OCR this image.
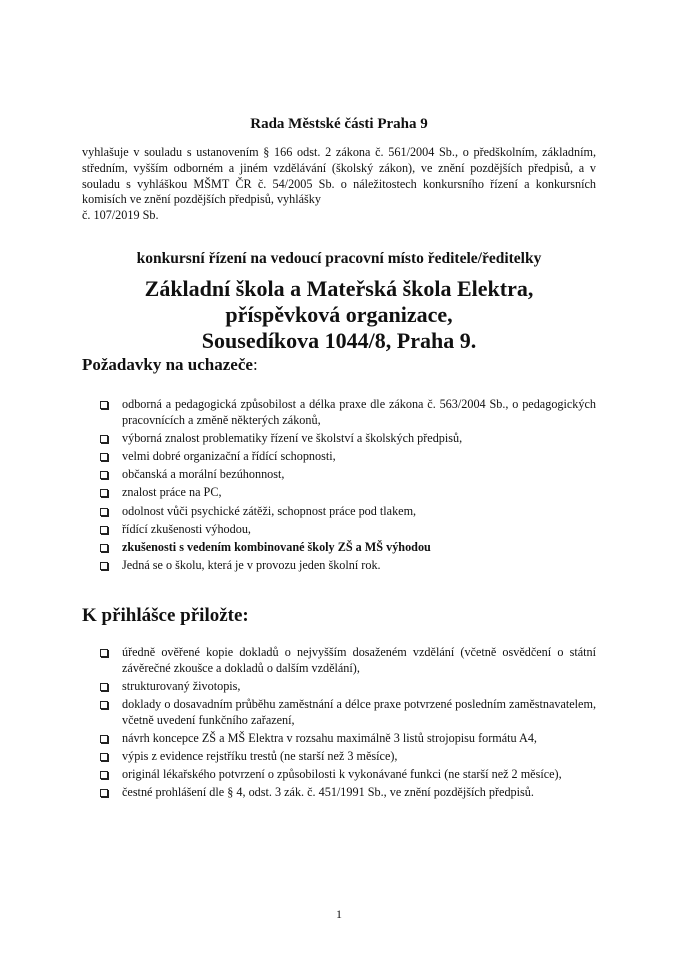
Rada Městské části Praha 9
vyhlašuje v souladu s ustanovením § 166 odst. 2 zákona č. 561/2004 Sb., o předškolním, základním, středním, vyšším odborném a jiném vzdělávání (školský zákon), ve znění pozdějších předpisů, a v souladu s vyhláškou MŠMT ČR č. 54/2005 Sb. o náležitostech konkursního řízení a konkursních komisích ve znění pozdějších předpisů, vyhlášky
č. 107/2019 Sb.
konkursní řízení na vedoucí pracovní místo ředitele/ředitelky
Základní škola a Mateřská škola Elektra,
příspěvková organizace,
Sousedíkova 1044/8, Praha 9.
Požadavky na uchazeče:
odborná a pedagogická způsobilost a délka praxe dle zákona č. 563/2004 Sb., o pedagogických pracovnících a změně některých zákonů,
výborná znalost problematiky řízení ve školství a školských předpisů,
velmi dobré organizační a řídící schopnosti,
občanská a morální bezúhonnost,
znalost práce na PC,
odolnost vůči psychické zátěži, schopnost práce pod tlakem,
řídící zkušenosti výhodou,
zkušenosti s vedením kombinované školy ZŠ a MŠ výhodou
Jedná se o školu, která je v provozu jeden školní rok.
K přihlášce přiložte:
úředně ověřené kopie dokladů o nejvyšším dosaženém vzdělání (včetně osvědčení o státní závěrečné zkoušce a dokladů o dalším vzdělání),
strukturovaný životopis,
doklady o dosavadním průběhu zaměstnání a délce praxe potvrzené posledním zaměstnavatelem, včetně uvedení funkčního zařazení,
návrh koncepce ZŠ a MŠ Elektra v rozsahu maximálně 3 listů strojopisu formátu A4,
výpis z evidence rejstříku trestů (ne starší než 3 měsíce),
originál lékařského potvrzení o způsobilosti k vykonávané funkci (ne starší než 2 měsíce),
čestné prohlášení dle § 4, odst. 3 zák. č. 451/1991 Sb., ve znění pozdějších předpisů.
1
